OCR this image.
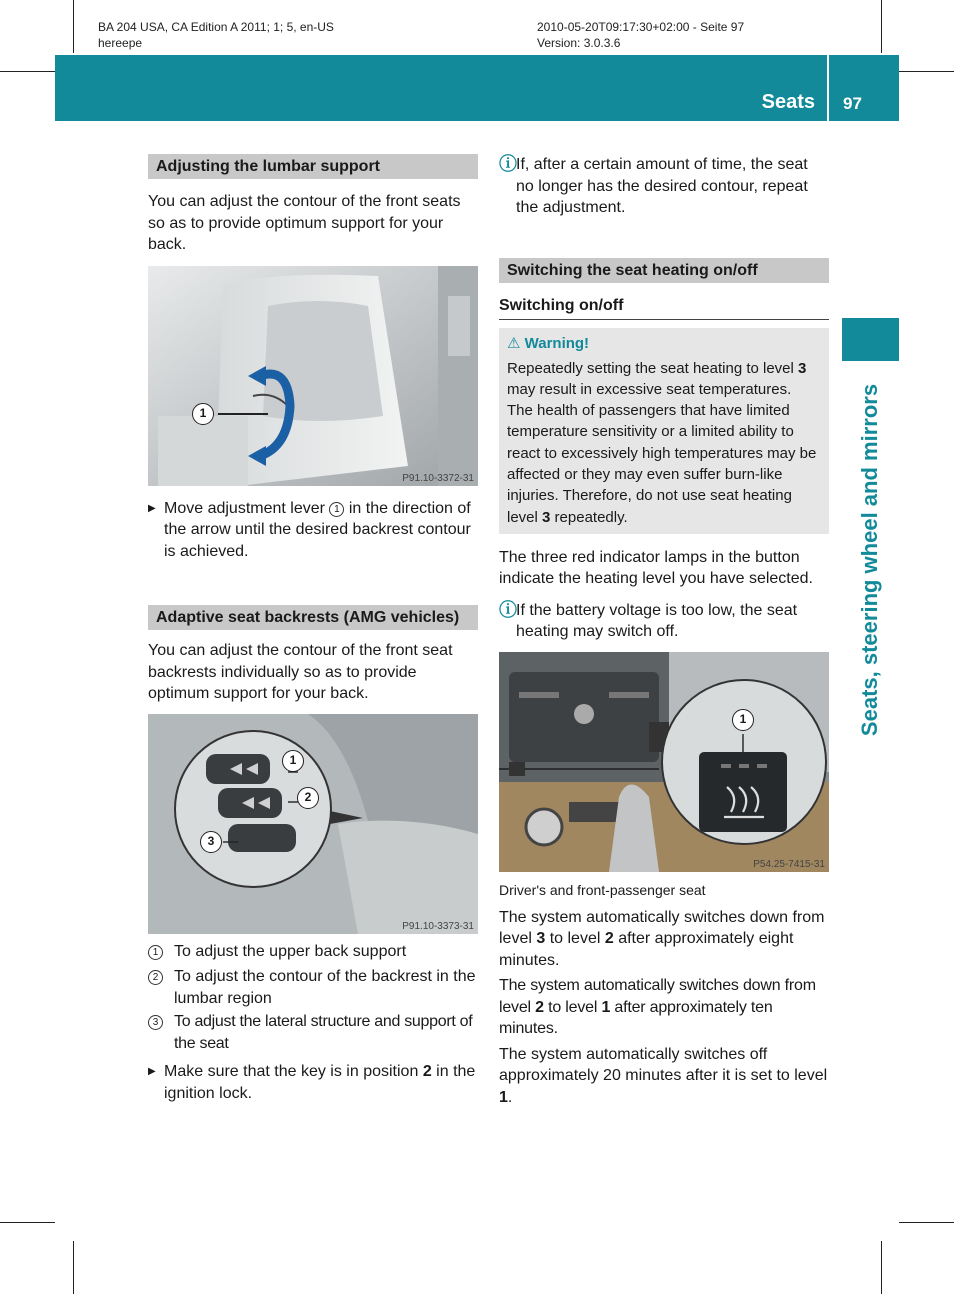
BA 204 USA, CA Edition A 2011; 1; 5, en-US
hereepe
2010-05-20T09:17:30+02:00 - Seite 97
Version: 3.0.3.6
Seats 97
Seats, steering wheel and mirrors
Adjusting the lumbar support

You can adjust the contour of the front seats so as to provide optimum support for your back.

1
P91.10-3372-31
▶ Move adjustment lever 1 in the direction of the arrow until the desired backrest contour is achieved.
Adaptive seat backrests (AMG vehicles)

You can adjust the contour of the front seat backrests individually so as to provide optimum support for your back.

1
2
3
P91.10-3373-31
1 To adjust the upper back support
2 To adjust the contour of the backrest in the lumbar region
3 To adjust the lateral structure and support of the seat
▶ Make sure that the key is in position 2 in the ignition lock.
ⓘ If, after a certain amount of time, the seat no longer has the desired contour, repeat the adjustment.
Switching the seat heating on/off
Switching on/off
⚠ Warning!
Repeatedly setting the seat heating to level 3 may result in excessive seat temperatures. The health of passengers that have limited temperature sensitivity or a limited ability to react to excessively high temperatures may be affected or they may even suffer burn-like injuries. Therefore, do not use seat heating level 3 repeatedly.

The three red indicator lamps in the button indicate the heating level you have selected.

ⓘ If the battery voltage is too low, the seat heating may switch off.
1
P54.25-7415-31

Driver's and front-passenger seat

The system automatically switches down from level 3 to level 2 after approximately eight minutes.

The system automatically switches down from level 2 to level 1 after approximately ten minutes.

The system automatically switches off approximately 20 minutes after it is set to level 1.
